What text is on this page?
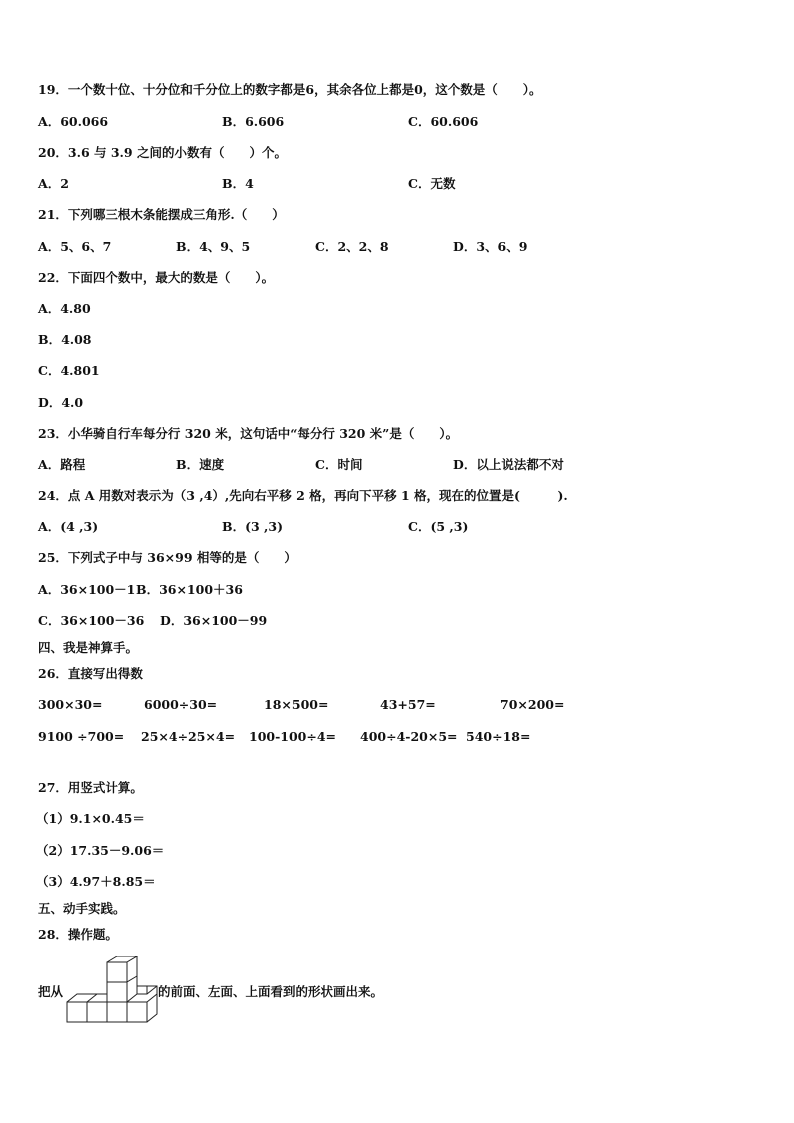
19．一个数十位、十分位和千分位上的数字都是6，其余各位上都是0，这个数是（　　）。
A．60.066	B．6.606	C．60.606
20．3.6 与 3.9 之间的小数有（　　）个。
A．2	B．4	C．无数
21．下列哪三根木条能摆成三角形.（　　）
A．5、6、7	B．4、9、5	C．2、2、8	D．3、6、9
22．下面四个数中，最大的数是（　　）。
A．4.80
B．4.08
C．4.801
D．4.0
23．小华骑自行车每分行 320 米，这句话中“每分行 320 米”是（　　）。
A．路程	B．速度	C．时间	D．以上说法都不对
24．点 A 用数对表示为（3 ,4）,先向右平移 2 格，再向下平移 1 格，现在的位置是(　　　).
A．(4 ,3)	B．(3 ,3)	C．(5 ,3)
25．下列式子中与 36×99 相等的是（　　）
A．36×100－1 B．36×100＋36
C．36×100－36 D．36×100－99
四、我是神算手。
26．直接写出得数
300×30=	6000÷30=	18×500=	43+57=	70×200=
9100 ÷700= 25×4÷25×4= 100-100÷4= 400÷4-20×5= 540÷18=
27．用竖式计算。
（1）9.1×0.45＝
（2）17.35－9.06＝
（3）4.97＋8.85＝
五、动手实践。
28．操作题。
把从	的前面、左面、上面看到的形状画出来。
